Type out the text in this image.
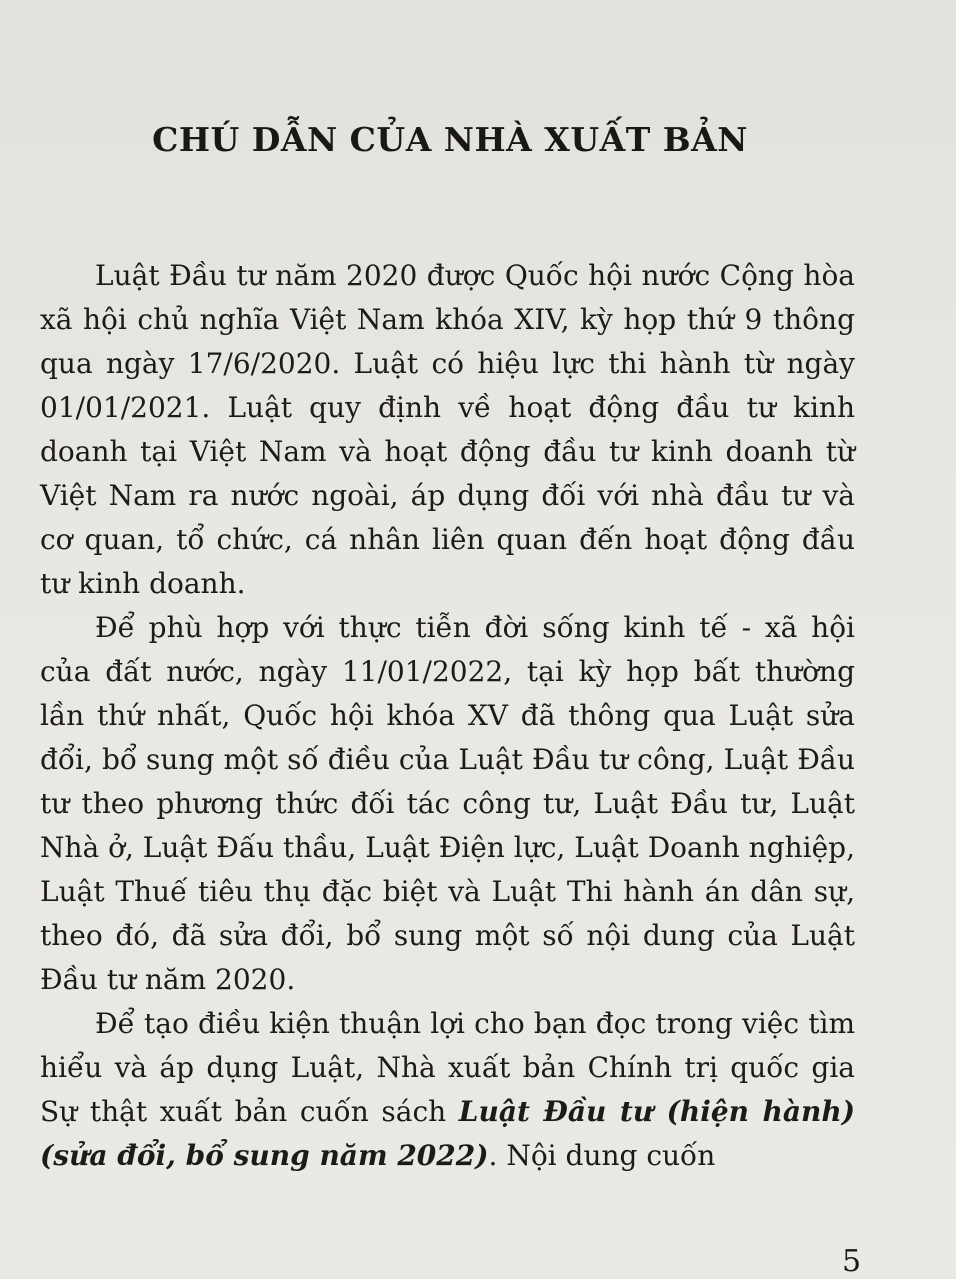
CHÚ DẪN CỦA NHÀ XUẤT BẢN

Luật Đầu tư năm 2020 được Quốc hội nước Cộng hòa xã hội chủ nghĩa Việt Nam khóa XIV, kỳ họp thứ 9 thông qua ngày 17/6/2020. Luật có hiệu lực thi hành từ ngày 01/01/2021. Luật quy định về hoạt động đầu tư kinh doanh tại Việt Nam và hoạt động đầu tư kinh doanh từ Việt Nam ra nước ngoài, áp dụng đối với nhà đầu tư và cơ quan, tổ chức, cá nhân liên quan đến hoạt động đầu tư kinh doanh.

Để phù hợp với thực tiễn đời sống kinh tế - xã hội của đất nước, ngày 11/01/2022, tại kỳ họp bất thường lần thứ nhất, Quốc hội khóa XV đã thông qua Luật sửa đổi, bổ sung một số điều của Luật Đầu tư công, Luật Đầu tư theo phương thức đối tác công tư, Luật Đầu tư, Luật Nhà ở, Luật Đấu thầu, Luật Điện lực, Luật Doanh nghiệp, Luật Thuế tiêu thụ đặc biệt và Luật Thi hành án dân sự, theo đó, đã sửa đổi, bổ sung một số nội dung của Luật Đầu tư năm 2020.

Để tạo điều kiện thuận lợi cho bạn đọc trong việc tìm hiểu và áp dụng Luật, Nhà xuất bản Chính trị quốc gia Sự thật xuất bản cuốn sách Luật Đầu tư (hiện hành) (sửa đổi, bổ sung năm 2022). Nội dung cuốn

5
